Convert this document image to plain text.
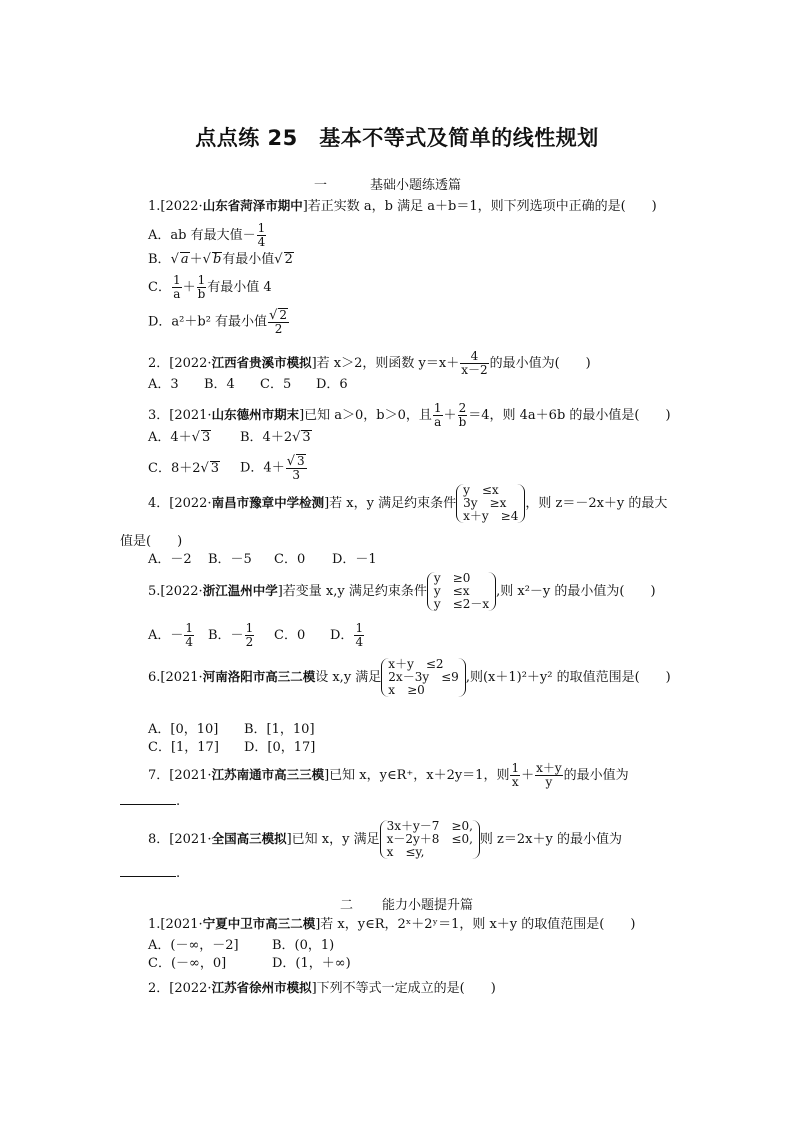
点点练 25　基本不等式及简单的线性规划
一	基础小题练透篇
1.[2022·山东省菏泽市期中]若正实数 a，b 满足 a＋b＝1，则下列选项中正确的是(　　)
A．ab 有最大值－ $\frac{1}{4}$
B．√ a＋√ b有最小值√ 2
C． $\frac{1}{a} + \frac{1}{b}$ 有最小值 4
D．a²＋b² 有最小值 $\frac{√ 2}{2}$
2．[2022·江西省贵溪市模拟]若 x＞2，则函数 $y=x+ \frac{4}{x-2}$ 的最小值为(　　)
A．3 B．4 C．5 D．6
3．[2021·山东德州市期末]已知 a＞0，b＞0，且 $\frac{1}{a} + \frac{2}{b} =4$，则 4a＋6b 的最小值是(　　)
A．4＋√ 3 B．4＋2√ 3
C．8＋2√ 3 D．$4+ \frac{√ 3}{3}$
4．[2022·南昌市豫章中学检测]若 x，y 满足约束条件
y　≤x
3y　≥x
x＋y　≥4
，则 z＝－2x＋y 的最大
值是(　　)
A．－2 B．－5 C．0 D．－1
5.[2022·浙江温州中学]若变量 x,y 满足约束条件
y　≥0
y　≤x
y　≤2－x
,则 x²－y 的最小值为(　　)
A．－ $\frac{1}{4}$ B．－ $\frac{1}{2}$ C．0 D． $\frac{1}{4}$
6.[2021·河南洛阳市高三二模设 x,y 满足
x＋y　≤2
2x－3y　≤9
x　≥0
,则(x＋1)²＋y² 的取值范围是(　　)
A．[0，10] B．[1，10]
C．[1，17] D．[0，17]
7．[2021·江苏南通市高三三模]已知 x，y∈R⁺，x＋2y＝1，则 $\frac{1}{x} + \frac{x+y}{y}$ 的最小值为
.
8．[2021·全国高三模拟]已知 x，y 满足
3x＋y－7　≥0,
x－2y＋8　≤0,
x　≤y,
则 z＝2x＋y 的最小值为
.
二 能力小题提升篇
1.[2021·宁夏中卫市高三二模]若 x，y∈R，2ˣ＋2ʸ＝1，则 x＋y 的取值范围是(　　)
A．(－∞，－2]	B．(0，1)
C．(－∞，0]	D．(1，＋∞)
2．[2022·江苏省徐州市模拟]下列不等式一定成立的是(　　)
